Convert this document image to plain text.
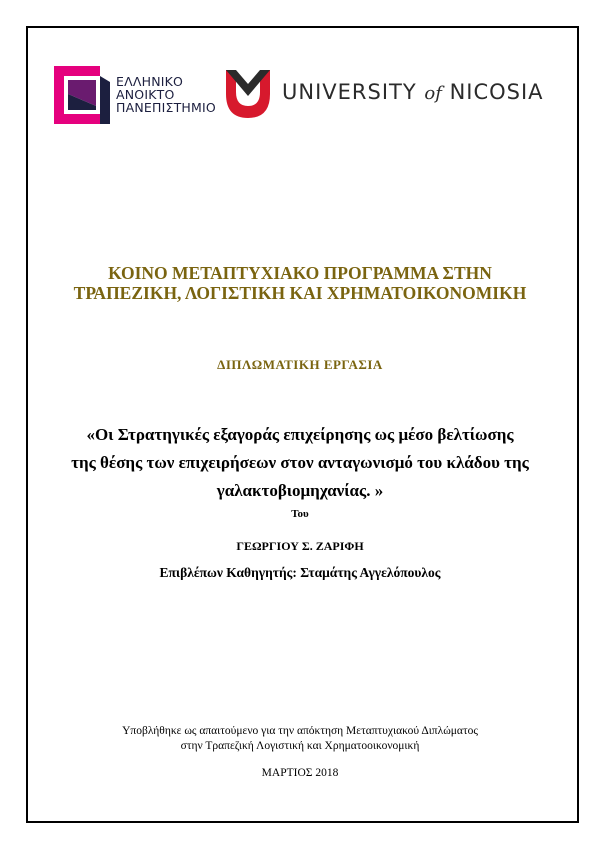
ΕΛΛΗΝΙΚΟ
ΑΝΟΙΚΤΟ
ΠΑΝΕΠΙΣΤΗΜΙΟ
UNIVERSITY of NICOSIA
ΚΟΙΝΟ ΜΕΤΑΠΤΥΧΙΑΚΟ ΠΡΟΓΡΑΜΜΑ ΣΤΗΝ
ΤΡΑΠΕΖΙΚΗ, ΛΟΓΙΣΤΙΚΗ ΚΑΙ ΧΡΗΜΑΤΟΙΚΟΝΟΜΙΚΗ
ΔΙΠΛΩΜΑΤΙΚΗ ΕΡΓΑΣΙΑ
«Οι Στρατηγικές εξαγοράς επιχείρησης ως μέσο βελτίωσης
της θέσης των επιχειρήσεων στον ανταγωνισμό του κλάδου της
γαλακτοβιομηχανίας. »
Του
ΓΕΩΡΓΙΟΥ Σ. ΖΑΡΙΦΗ
Επιβλέπων Καθηγητής: Σταμάτης Αγγελόπουλος
Υποβλήθηκε ως απαιτούμενο για την απόκτηση Μεταπτυχιακού Διπλώματος
στην Τραπεζική Λογιστική και Χρηματοοικονομική
ΜΑΡΤΙΟΣ 2018
